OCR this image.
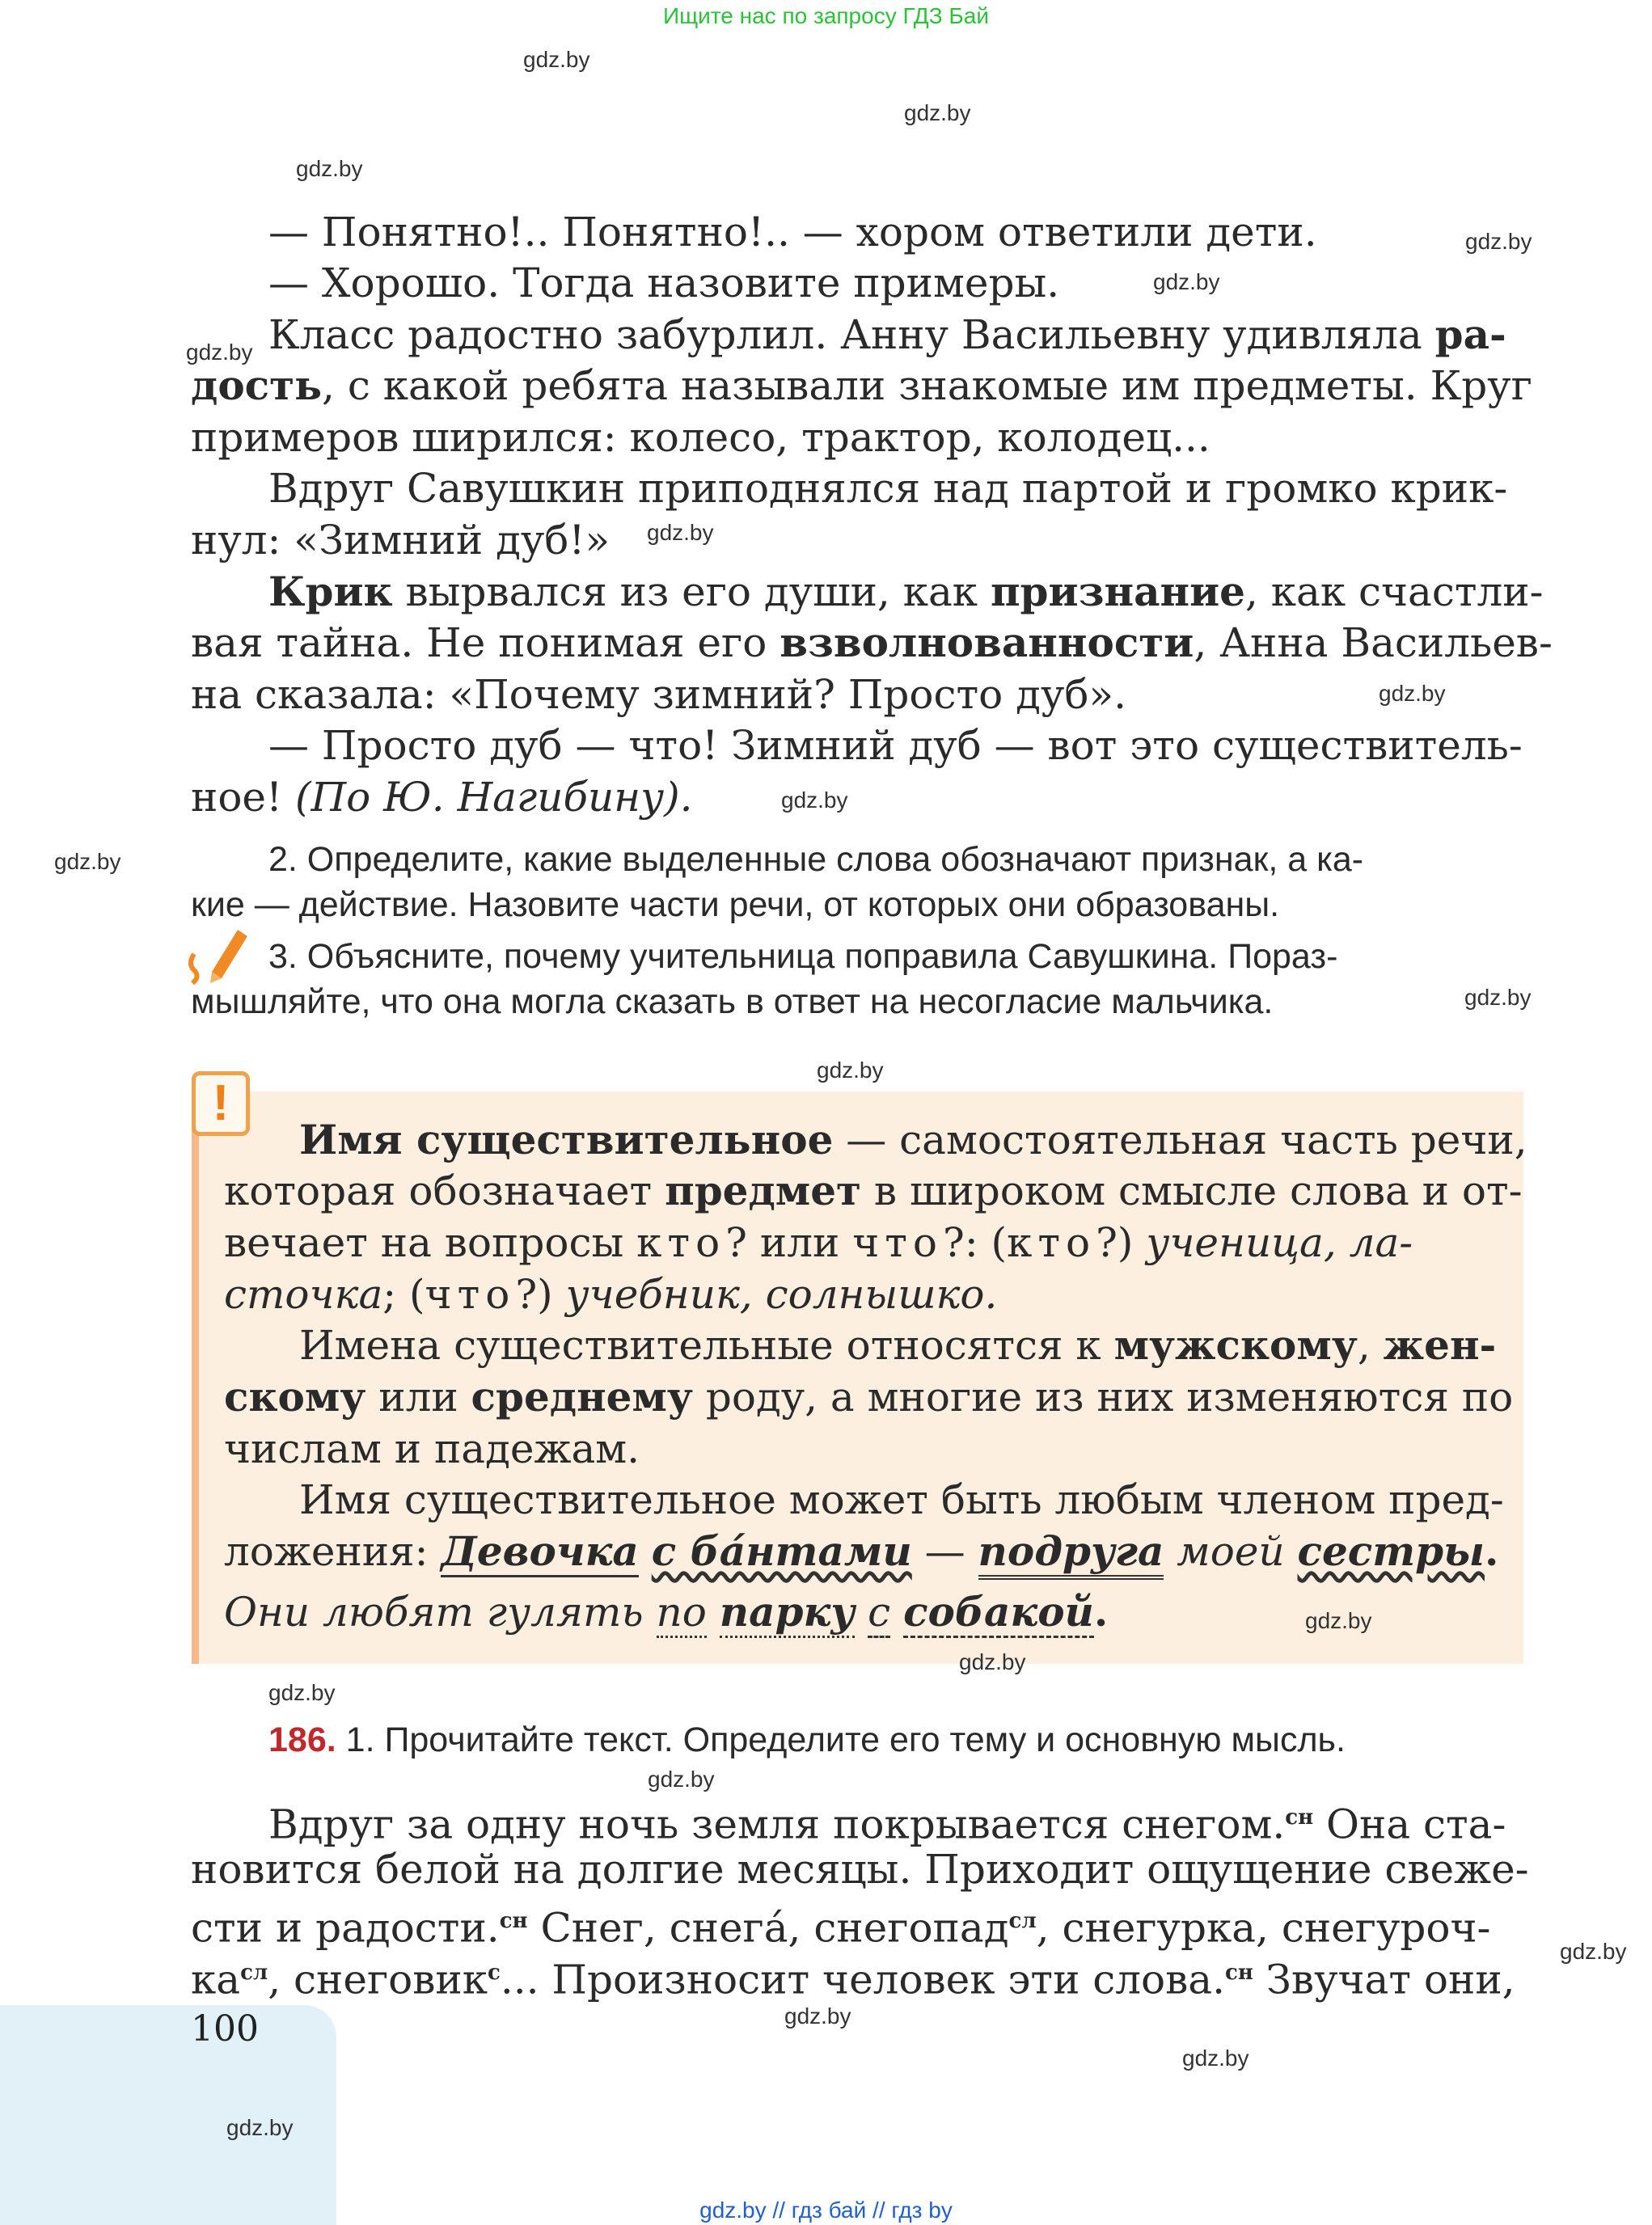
Ищите нас по запросу ГДЗ Бай
gdz.by // гдз бай // гдз by
gdz.by
gdz.by
gdz.by
gdz.by
gdz.by
gdz.by
gdz.by
gdz.by
gdz.by
gdz.by
gdz.by
gdz.by
— Понятно!.. Понятно!.. — хором ответили дети.
— Хорошо. Тогда назовите примеры.
Класс радостно забурлил. Анну Васильевну удивляла ра-
дость, с какой ребята называли знакомые им предметы. Круг
примеров ширился: колесо, трактор, колодец...
Вдруг Савушкин приподнялся над партой и громко крик-
нул: «Зимний дуб!»
Крик вырвался из его души, как признание, как счастли-
вая тайна. Не понимая его взволнованности, Анна Васильев-
на сказала: «Почему зимний? Просто дуб».
— Просто дуб — что! Зимний дуб — вот это существитель-
ное! (По Ю. Нагибину).
2. Определите, какие выделенные слова обозначают признак, а ка-
кие — действие. Назовите части речи, от которых они образованы.
3. Объясните, почему учительница поправила Савушкина. Пораз-
мышляйте, что она могла сказать в ответ на несогласие мальчика.
!
Имя существительное — самостоятельная часть речи,
которая обозначает предмет в широком смысле слова и от-
вечает на вопросы кто? или что?: (кто?) ученица, ла-
сточка; (что?) учебник, солнышко.
Имена существительные относятся к мужскому, жен-
скому или среднему роду, а многие из них изменяются по
числам и падежам.
Имя существительное может быть любым членом пред-
ложения: Девочка с ба́нтами — подруга моей сестры.
Они любят гулять по парку с собакой.	gdz.by
gdz.by
gdz.by
186. 1. Прочитайте текст. Определите его тему и основную мысль.
gdz.by
Вдруг за одну ночь земля покрывается снегом.$^{сн}$ Она ста-
новится белой на долгие месяцы. Приходит ощущение свеже-
сти и радости.$^{сн}$ Снег, снега́, снегопад$^{сл}$, снегурка, снегуроч-
$ка^{сл}$, снеговик$^с$... Произносит человек эти слова.$^{сн}$ Звучат они,
gdz.by
100	gdz.by
gdz.by
gdz.by
